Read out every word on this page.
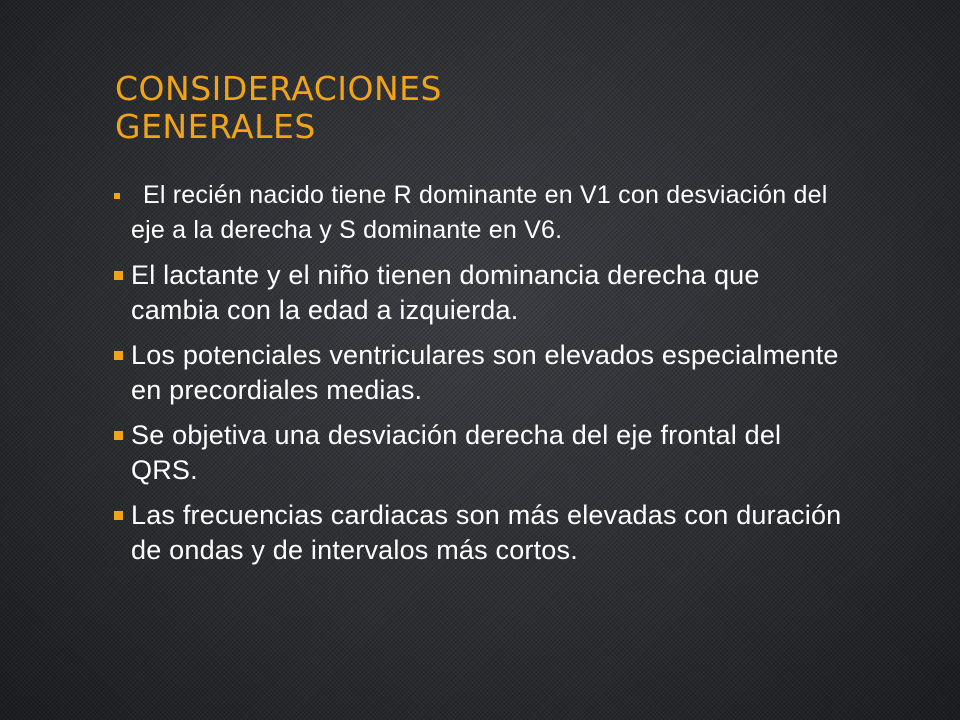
CONSIDERACIONES
GENERALES
El recién nacido tiene R dominante en V1 con desviación del eje a la derecha y S dominante en V6.
El lactante y el niño tienen dominancia derecha que cambia con la edad a izquierda.
Los potenciales ventriculares son elevados especialmente en precordiales medias.
Se objetiva una desviación derecha del eje frontal del QRS.
Las frecuencias cardiacas son más elevadas con duración de ondas y de intervalos más cortos.
